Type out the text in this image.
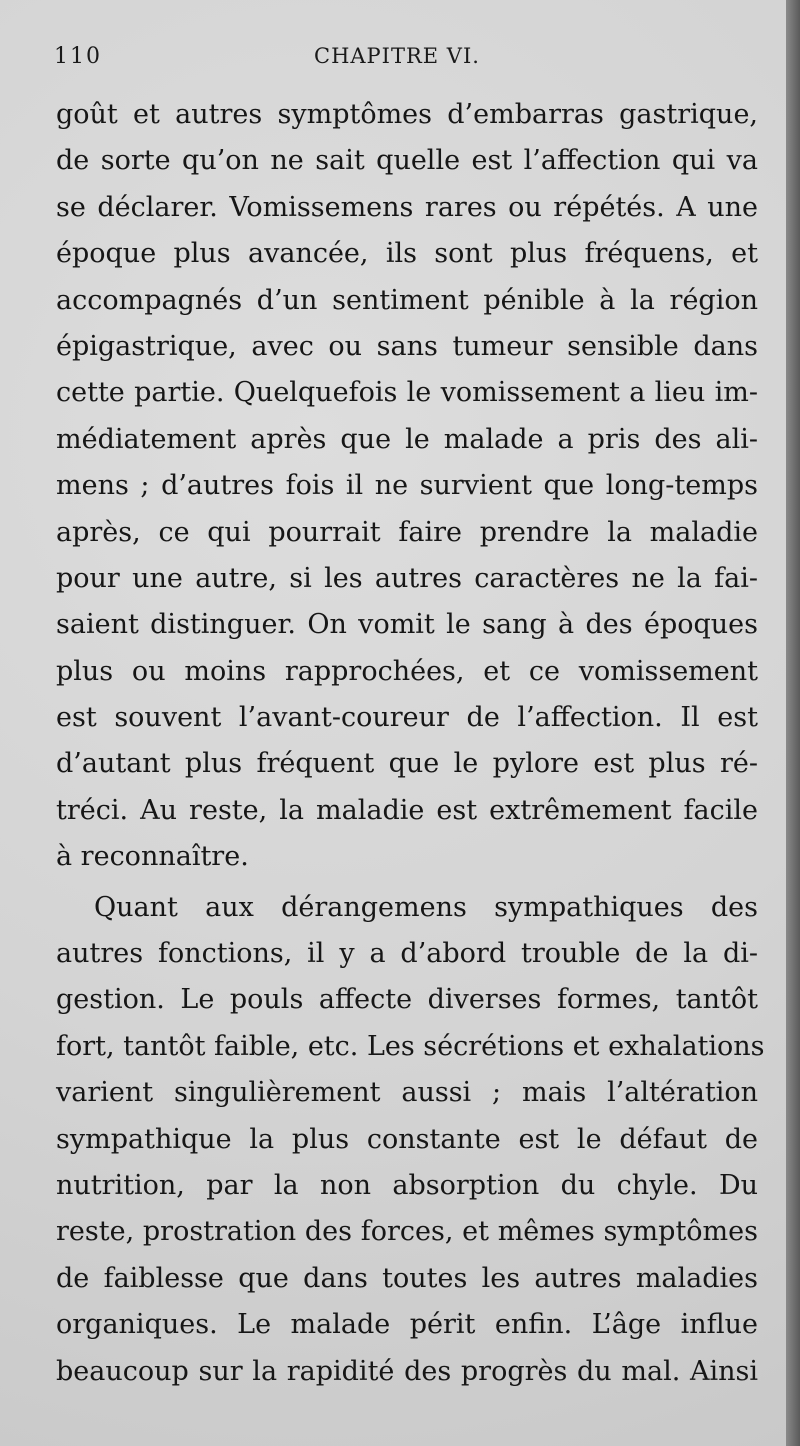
110	CHAPITRE VI.
goût et autres symptômes d’embarras gastrique,
de sorte qu’on ne sait quelle est l’affection qui va
se déclarer. Vomissemens rares ou répétés. A une
époque plus avancée, ils sont plus fréquens, et
accompagnés d’un sentiment pénible à la région
épigastrique, avec ou sans tumeur sensible dans
cette partie. Quelquefois le vomissement a lieu im-
médiatement après que le malade a pris des ali-
mens ; d’autres fois il ne survient que long-temps
après, ce qui pourrait faire prendre la maladie
pour une autre, si les autres caractères ne la fai-
saient distinguer. On vomit le sang à des époques
plus ou moins rapprochées, et ce vomissement
est souvent l’avant-coureur de l’affection. Il est
d’autant plus fréquent que le pylore est plus ré-
tréci. Au reste, la maladie est extrêmement facile
à reconnaître.
Quant aux dérangemens sympathiques des
autres fonctions, il y a d’abord trouble de la di-
gestion. Le pouls affecte diverses formes, tantôt
fort, tantôt faible, etc. Les sécrétions et exhalations
varient singulièrement aussi ; mais l’altération
sympathique la plus constante est le défaut de
nutrition, par la non absorption du chyle. Du
reste, prostration des forces, et mêmes symptômes
de faiblesse que dans toutes les autres maladies
organiques. Le malade périt enfin. L’âge influe
beaucoup sur la rapidité des progrès du mal. Ainsi
